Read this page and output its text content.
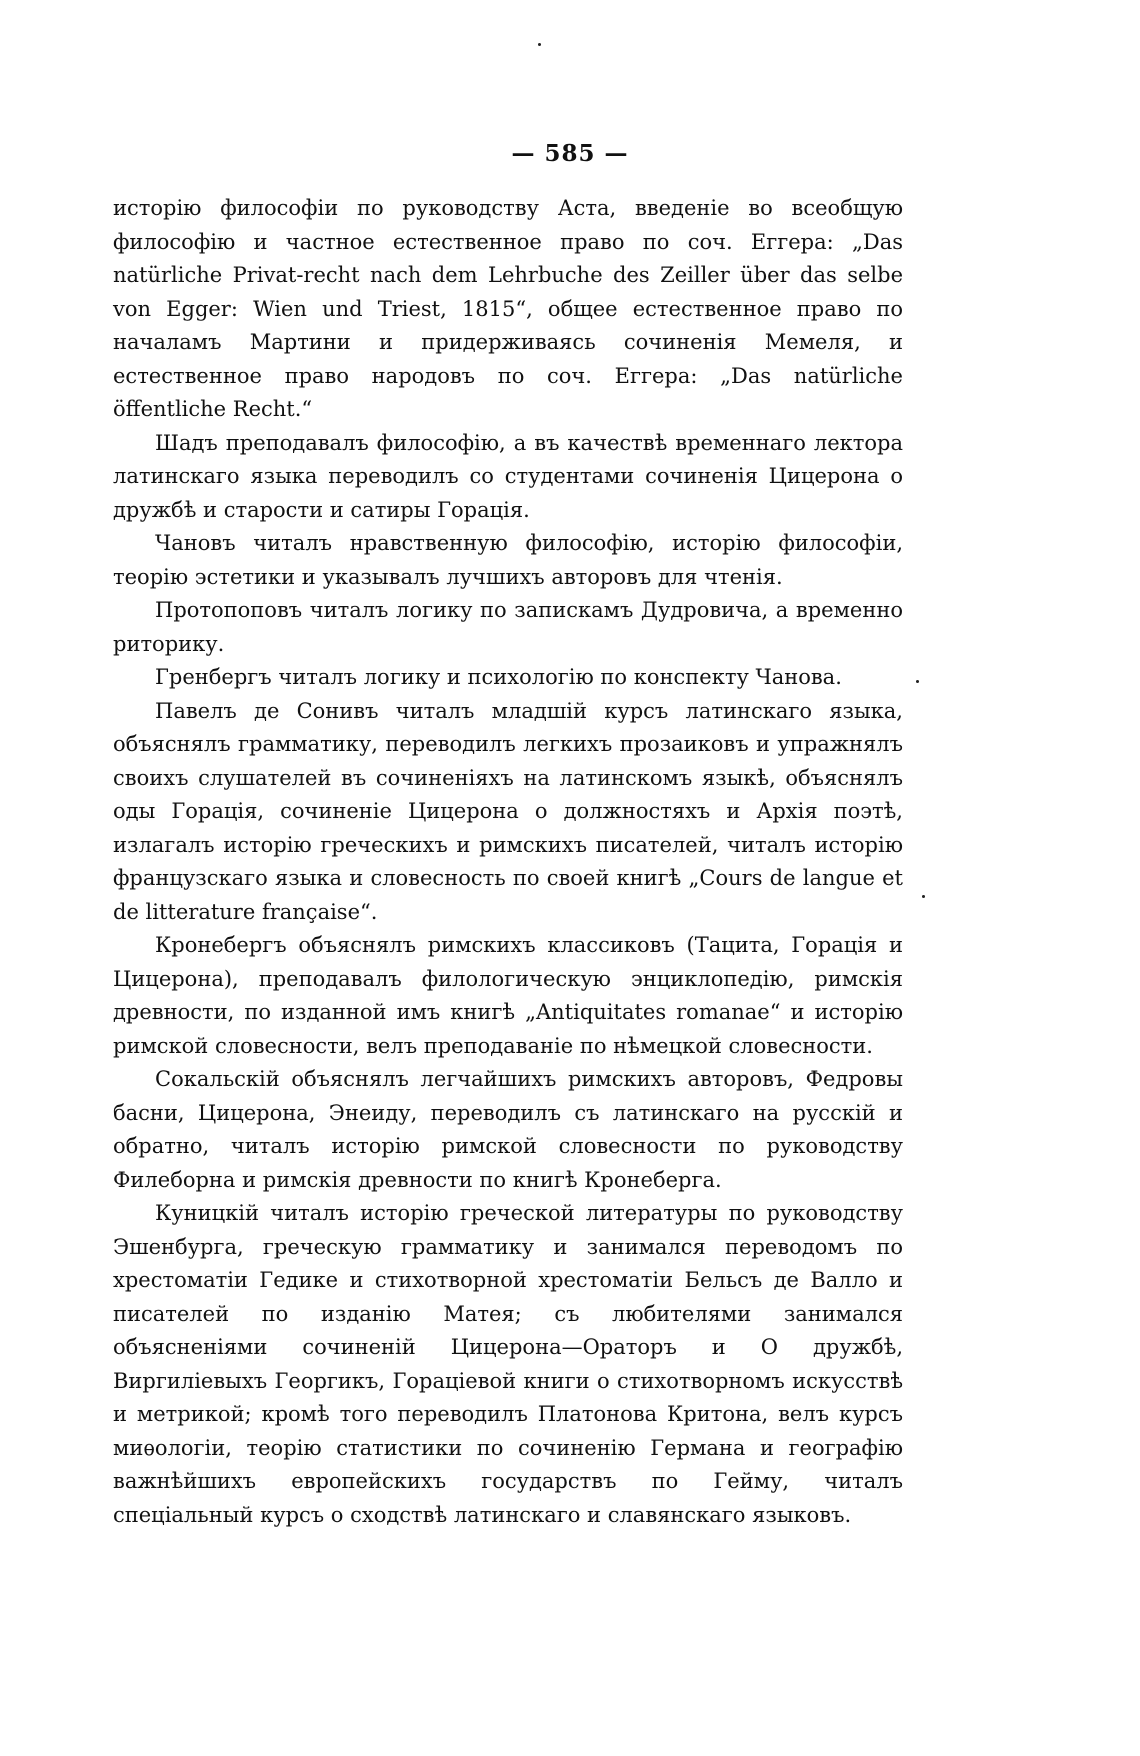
— 585 —

исторію философіи по руководству Аста, введеніе во всеобщую философію и частное естественное право по соч. Еггера: „Das natürliche Privat-recht nach dem Lehrbuche des Zeiller über das selbe von Egger: Wien und Triest, 1815“, общее естественное право по началамъ Мартини и придерживаясь сочиненія Мемеля, и естественное право народовъ по соч. Еггера: „Das natürliche öffentliche Recht.“

Шадъ преподавалъ философію, а въ качествѣ временнаго лектора латинскаго языка переводилъ со студентами сочиненія Цицерона о дружбѣ и старости и сатиры Горація.

Чановъ читалъ нравственную философію, исторію философіи, теорію эстетики и указывалъ лучшихъ авторовъ для чтенія.

Протопоповъ читалъ логику по запискамъ Дудровича, а временно риторику.

Гренбергъ читалъ логику и психологію по конспекту Чанова.

Павелъ де Сонивъ читалъ младшій курсъ латинскаго языка, объяснялъ грамматику, переводилъ легкихъ прозаиковъ и упражнялъ своихъ слушателей въ сочиненіяхъ на латинскомъ языкѣ, объяснялъ оды Горація, сочиненіе Цицерона о должностяхъ и Архія поэтѣ, излагалъ исторію греческихъ и римскихъ писателей, читалъ исторію французскаго языка и словесность по своей книгѣ „Cours de langue et de litterature française“.

Кронебергъ объяснялъ римскихъ классиковъ (Тацита, Горація и Цицерона), преподавалъ филологическую энциклопедію, римскія древности, по изданной имъ книгѣ „Antiquitates romanae“ и исторію римской словесности, велъ преподаваніе по нѣмецкой словесности.

Сокальскій объяснялъ легчайшихъ римскихъ авторовъ, Федровы басни, Цицерона, Энеиду, переводилъ съ латинскаго на русскій и обратно, читалъ исторію римской словесности по руководству Филеборна и римскія древности по книгѣ Кронеберга.

Куницкій читалъ исторію греческой литературы по руководству Эшенбурга, греческую грамматику и занимался переводомъ по хрестоматіи Гедике и стихотворной хрестоматіи Бельсъ де Валло и писателей по изданію Матея; съ любителями занимался объясненіями сочиненій Цицерона—Ораторъ и О дружбѣ, Виргиліевыхъ Георгикъ, Гораціевой книги о стихотворномъ искусствѣ и метрикой; кромѣ того переводилъ Платонова Критона, велъ курсъ миѳологіи, теорію статистики по сочиненію Германа и географію важнѣйшихъ европейскихъ государствъ по Гейму, читалъ спеціальный курсъ о сходствѣ латинскаго и славянскаго языковъ.
